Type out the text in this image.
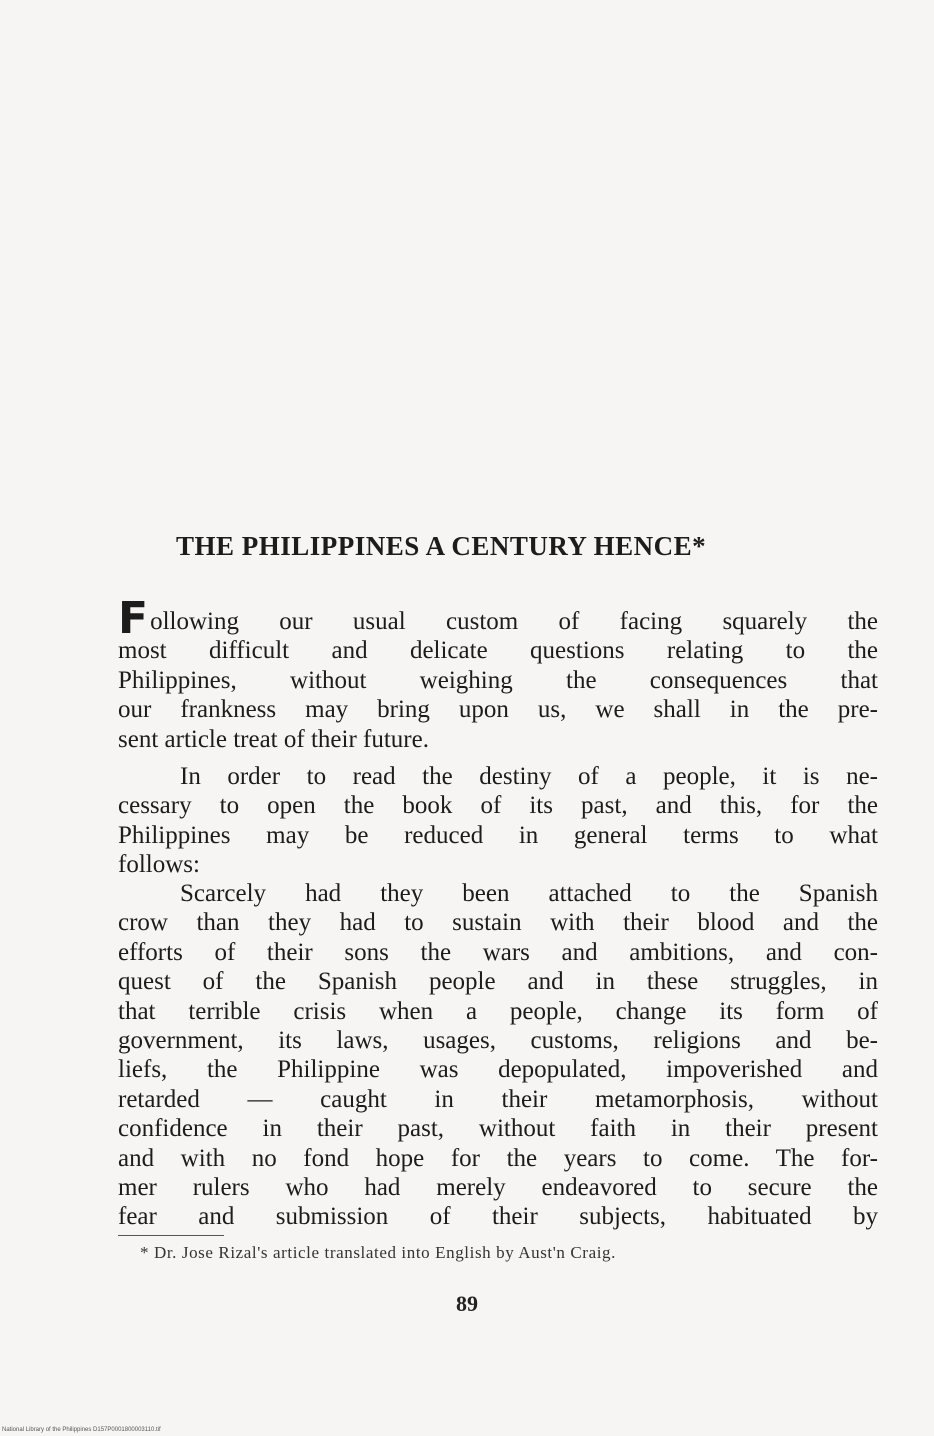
THE PHILIPPINES A CENTURY HENCE*

Following our usual custom of facing squarely the
most difficult and delicate questions relating to the
Philippines, without weighing the consequences that
our frankness may bring upon us, we shall in the pre-
sent article treat of their future.

In order to read the destiny of a people, it is ne-
cessary to open the book of its past, and this, for the
Philippines may be reduced in general terms to what
follows:

Scarcely had they been attached to the Spanish
crow than they had to sustain with their blood and the
efforts of their sons the wars and ambitions, and con-
quest of the Spanish people and in these struggles, in
that terrible crisis when a people, change its form of
government, its laws, usages, customs, religions and be-
liefs, the Philippine was depopulated, impoverished and
retarded — caught in their metamorphosis, without
confidence in their past, without faith in their present
and with no fond hope for the years to come. The for-
mer rulers who had merely endeavored to secure the
fear and submission of their subjects, habituated by

* Dr. Jose Rizal's article translated into English by Aust'n Craig.
89
National Library of the Philippines D157P0001800003110.tif
